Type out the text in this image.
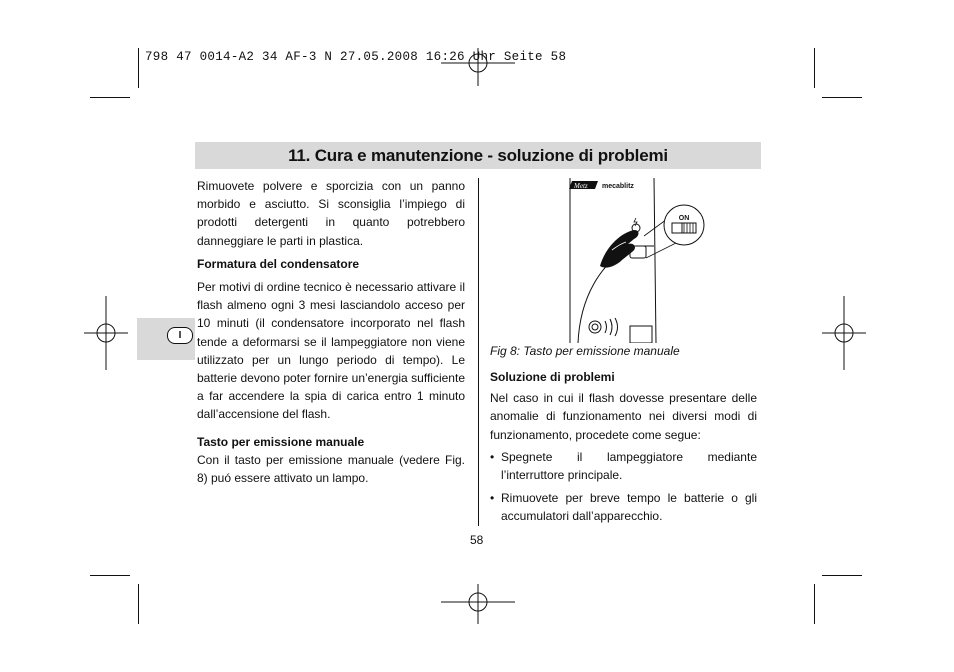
798 47 0014-A2 34 AF-3 N 27.05.2008 16:26 Uhr Seite 58
11. Cura e manutenzione - soluzione di problemi
I

Rimuovete polvere e sporcizia con un panno morbido e asciutto. Si sconsiglia l’impiego di prodotti detergenti in quanto potrebbero danneggiare le parti in plastica.

Formatura del condensatore

Per motivi di ordine tecnico è necessario attivare il flash almeno ogni 3 mesi lasciandolo acceso per 10 minuti (il condensatore incorporato nel flash tende a deformarsi se il lampeggiatore non viene utilizzato per un lungo periodo di tempo). Le batterie devono poter fornire un’energia sufficiente a far accendere la spia di carica entro 1 minuto dall’accensione del flash.

Tasto per emissione manuale

Con il tasto per emissione manuale (vedere Fig. 8) puó essere attivato un lampo.

Metz mecablitz
ON
Fig 8: Tasto per emissione manuale

Soluzione di problemi

Nel caso in cui il flash dovesse presentare delle anomalie di funzionamento nei diversi modi di funzionamento, procedete come segue:

• Spegnete il lampeggiatore mediante l’interruttore principale.
• Rimuovete per breve tempo le batterie o gli accumulatori dall’apparecchio.
58
